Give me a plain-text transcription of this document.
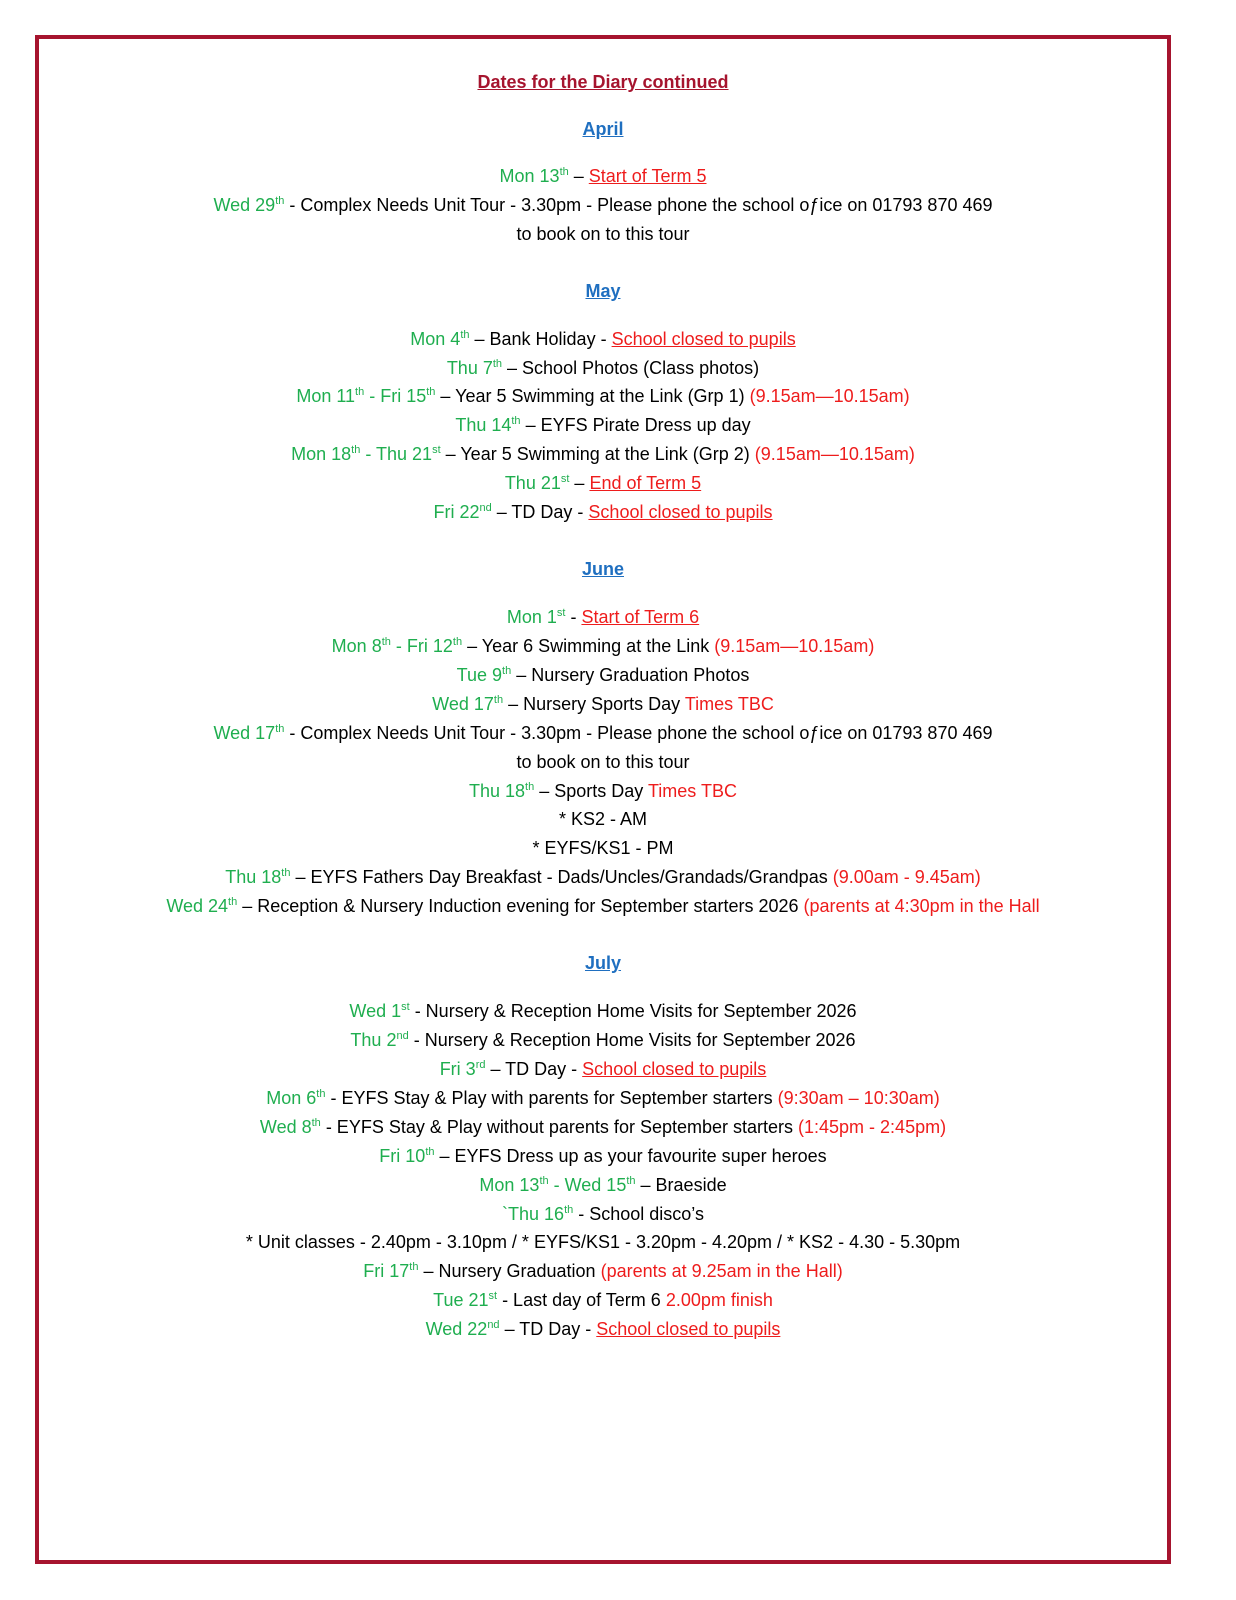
Dates for the Diary continued
April
May
June
July
Mon 13th – Start of Term 5
Wed 29th - Complex Needs Unit Tour - 3.30pm - Please phone the school oƒice on 01793 870 469
to book on to this tour
Mon 4th – Bank Holiday - School closed to pupils
Thu 7th – School Photos (Class photos)
Mon 11th - Fri 15th – Year 5 Swimming at the Link (Grp 1) (9.15am—10.15am)
Thu 14th – EYFS Pirate Dress up day
Mon 18th - Thu 21st – Year 5 Swimming at the Link (Grp 2) (9.15am—10.15am)
Thu 21st – End of Term 5
Fri 22nd – TD Day - School closed to pupils
Mon 1st - Start of Term 6
Mon 8th - Fri 12th – Year 6 Swimming at the Link (9.15am—10.15am)
Tue 9th – Nursery Graduation Photos
Wed 17th – Nursery Sports Day Times TBC
Wed 17th - Complex Needs Unit Tour - 3.30pm - Please phone the school oƒice on 01793 870 469
to book on to this tour
Thu 18th – Sports Day Times TBC
* KS2 - AM
* EYFS/KS1 - PM
Thu 18th – EYFS Fathers Day Breakfast - Dads/Uncles/Grandads/Grandpas (9.00am - 9.45am)
Wed 24th – Reception & Nursery Induction evening for September starters 2026 (parents at 4:30pm in the Hall
Wed 1st - Nursery & Reception Home Visits for September 2026
Thu 2nd - Nursery & Reception Home Visits for September 2026
Fri 3rd – TD Day - School closed to pupils
Mon 6th - EYFS Stay & Play with parents for September starters (9:30am – 10:30am)
Wed 8th - EYFS Stay & Play without parents for September starters (1:45pm - 2:45pm)
Fri 10th – EYFS Dress up as your favourite super heroes
Mon 13th - Wed 15th – Braeside
`Thu 16th - School disco’s
* Unit classes - 2.40pm - 3.10pm / * EYFS/KS1 - 3.20pm - 4.20pm / * KS2 - 4.30 - 5.30pm
Fri 17th – Nursery Graduation (parents at 9.25am in the Hall)
Tue 21st - Last day of Term 6 2.00pm finish
Wed 22nd – TD Day - School closed to pupils
